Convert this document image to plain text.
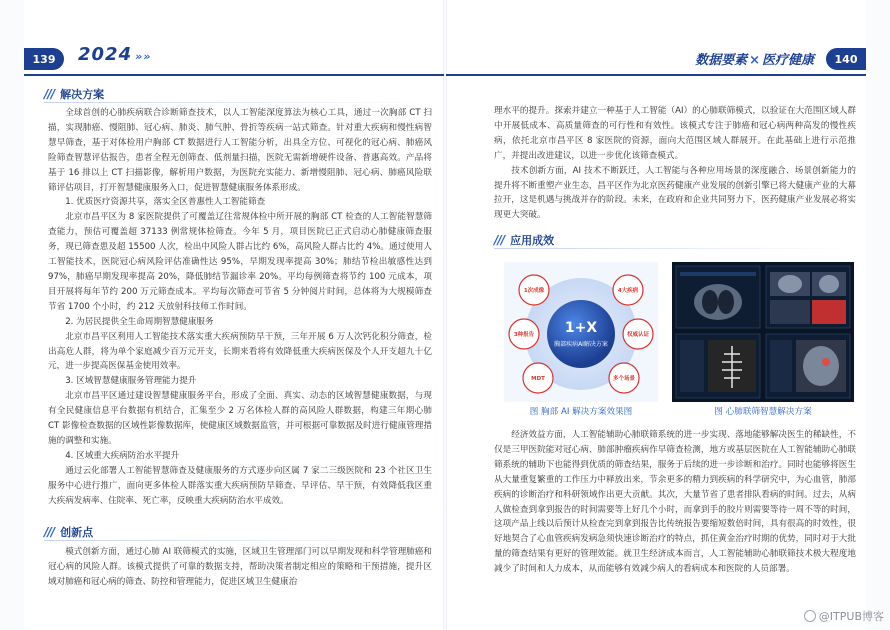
139	2024 »»	数据要素 × 医疗健康	140
/// 解决方案

全球首创的心肺疾病联合诊断筛查技术，以人工智能深度算法为核心工具，通过一次胸部 CT 扫描，实现肺癌、慢阻肺、冠心病、肺炎、肺气肿、骨折等疾病一站式筛查。针对重大疾病和慢性病智慧早筛查，基于对体检用户胸部 CT 数据进行人工智能分析，出具全方位、可视化的冠心病、肺癌风险筛查智慧评估报告，患者全程无创筛查、低剂量扫描，医院无需新增硬件设备、普惠高效。产品将基于 16 排以上 CT 扫描影像，解析用户数据，为医院充实能力、新增慢阻肺、冠心病、肺癌风险联筛评估项目，打开智慧健康服务入口，促进智慧健康服务体系形成。

1. 优质医疗资源共享，落实全区普惠性人工智能筛查

北京市昌平区为 8 家医院提供了可覆盖辽往常规体检中所开展的胸部 CT 检查的人工智能智慧筛查能力，预估可覆盖超 37133 例常规体检筛查。今年 5 月，项目医院已正式启动心肺健康筛查服务，现已筛查患及超 15500 人次，检出中风险人群占比约 6%，高风险人群占比约 4%。通过使用人工智能技术，医院冠心病风险评估准确性达 95%，早期发现率提高 30%；肺结节检出敏感性达到 97%，肺癌早期发现率提高 20%，降低肺结节漏诊率 20%。平均每例筛查将节约 100 元成本，项目开展将每年节约 200 万元筛查成本。平均每次筛查可节省 5 分钟阅片时间，总体将为大规模筛查节省 1700 个小时，约 212 天放射科技师工作时间。

2. 为居民提供全生命周期智慧健康服务

北京市昌平区利用人工智能技术落实重大疾病预防早干预，三年开展 6 万人次钙化积分筛查，检出高危人群，将为单个家庭减少百万元开支，长期来看将有效降低重大疾病医保及个人开支超九十亿元，进一步提高医保基金使用效率。

3. 区域智慧健康服务管理能力提升

北京市昌平区通过建设智慧健康服务平台，形成了全面、真实、动态的区域智慧健康数据，与现有全民健康信息平台数据有机结合，汇集至少 2 万名体检人群的高风险人群数据，构建三年期心肺 CT 影像检查数据的区域性影像数据库，使健康区域数据监管，并可根据可靠数据及时进行健康管理措施的调整和实施。

4. 区域重大疾病防治水平提升

通过云化部署人工智能智慧筛查及健康服务的方式逐步向区属 7 家二三级医院和 23 个社区卫生服务中心进行推广，面向更多体检人群落实重大疾病预防早筛查、早评估、早干预，有效降低我区重大疾病发病率、住院率、死亡率，反映重大疾病防治水平成效。

/// 创新点

模式创新方面，通过心肺 AI 联筛模式的实施，区域卫生管理部门可以早期发现和科学管理肺癌和冠心病的风险人群。该模式提供了可靠的数据支持，帮助决策者制定相应的策略和干预措施，提升区域对肺癌和冠心病的筛查、防控和管理能力，促进区域卫生健康治

理水平的提升。探索并建立一种基于人工智能（AI）的心肺联筛模式，以验证在大范围区域人群中开展低成本、高质量筛查的可行性和有效性。该模式专注于肺癌和冠心病两种高发的慢性疾病，依托北京市昌平区 8 家医院的资源，面向大范围区域人群展开。在此基础上进行示范推广，并提出改进建议，以进一步优化该筛查模式。

技术创新方面，AI 技术不断跃迁，人工智能与各种应用场景的深度融合、场景创新能力的提升将不断重塑产业生态，昌平区作为北京医药健康产业发展的创新引擎已将大健康产业的大幕拉开，这是机遇与挑战并存的阶段。未来，在政府和企业共同努力下，医药健康产业发展必将实现更大突破。

/// 应用成效
1+X
胸部疾病AI解决方案
1次成像	4大疾病
3种报告	权威认证
MDT	多个场景
图 胸部 AI 解决方案效果图	图 心肺联筛智慧解决方案

经济效益方面，人工智能辅助心肺联筛系统的进一步实现、落地能够解决医生的稀缺性，不仅是三甲医院能对冠心病、肺部肿瘤疾病作早筛查检测，地方或基层医院在人工智能辅助心肺联筛系统的辅助下也能得到优质的筛查结果，服务于后续的进一步诊断和治疗。同时也能够将医生从大量重复繁重的工作压力中释放出来，节余更多的精力到疾病的科学研究中，为心血管，肺部疾病的诊断治疗和科研领域作出更大贡献。其次，大量节省了患者排队看病的时间。过去，从病人做检查到拿到报告的时间需要等上好几个小时，而拿到手的胶片则需要等待一周不等的时间，这项产品上线以后预计从检查完到拿到报告比传统报告要缩短数倍时间，具有很高的时效性，很好地契合了心血管疾病发病急须快速诊断治疗的特点，抓住黄金治疗时期的优势，同时对于大批量的筛查结果有更好的管理效能。就卫生经济成本而言，人工智能辅助心肺联筛技术极大程度地减少了时间和人力成本，从而能够有效减少病人的看病成本和医院的人员部署。

@ITPUB博客
